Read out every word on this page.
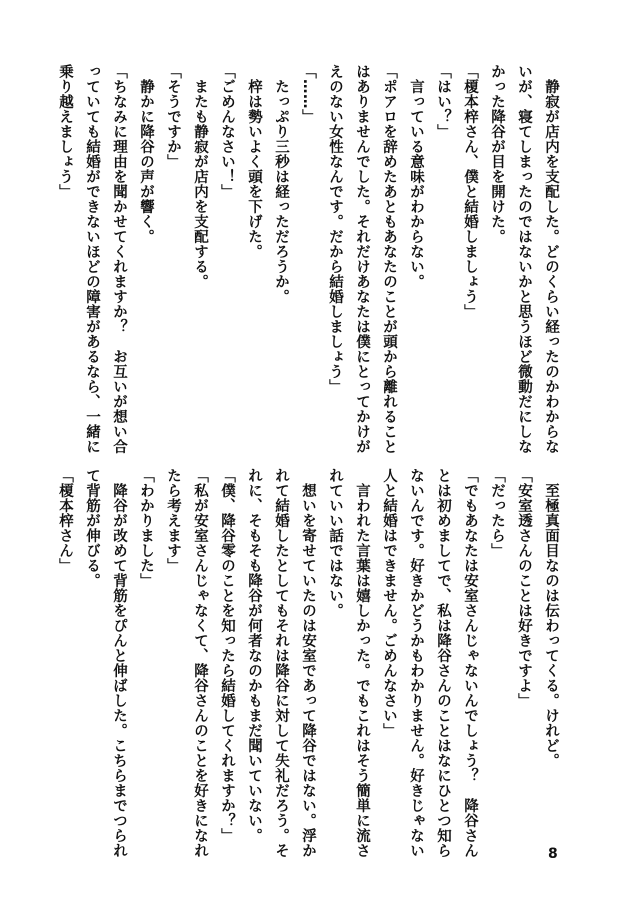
　静寂が店内を支配した。どのくらい経ったのかわからな
いが、寝てしまったのではないかと思うほど微動だにしな
かった降谷が目を開けた。
「榎本梓さん、僕と結婚しましょう」
「はい？」
　言っている意味がわからない。
「ポアロを辞めたあともあなたのことが頭から離れること
はありませんでした。それだけあなたは僕にとってかけが
えのない女性なんです。だから結婚しましょう」
「……」
　たっぷり三秒は経っただろうか。
　梓は勢いよく頭を下げた。
「ごめんなさい！」
　またも静寂が店内を支配する。
「そうですか」
　静かに降谷の声が響く。
「ちなみに理由を聞かせてくれますか？　お互いが想い合
っていても結婚ができないほどの障害があるなら、一緒に
乗り越えましょう」
　至極真面目なのは伝わってくる。けれど。
「安室透さんのことは好きですよ」
「だったら」
「でもあなたは安室さんじゃないんでしょう？　降谷さん
とは初めましてで、私は降谷さんのことはなにひとつ知ら
ないんです。好きかどうかもわかりません。好きじゃない
人と結婚はできません。ごめんなさい」
　言われた言葉は嬉しかった。でもこれはそう簡単に流さ
れていい話ではない。
　想いを寄せていたのは安室であって降谷ではない。浮か
れて結婚したとしてもそれは降谷に対して失礼だろう。そ
れに、そもそも降谷が何者なのかもまだ聞いていない。
「僕、降谷零のことを知ったら結婚してくれますか？」
「私が安室さんじゃなくて、降谷さんのことを好きになれ
たら考えます」
「わかりました」
　降谷が改めて背筋をぴんと伸ばした。こちらまでつられ
て背筋が伸びる。
「榎本梓さん」
8
